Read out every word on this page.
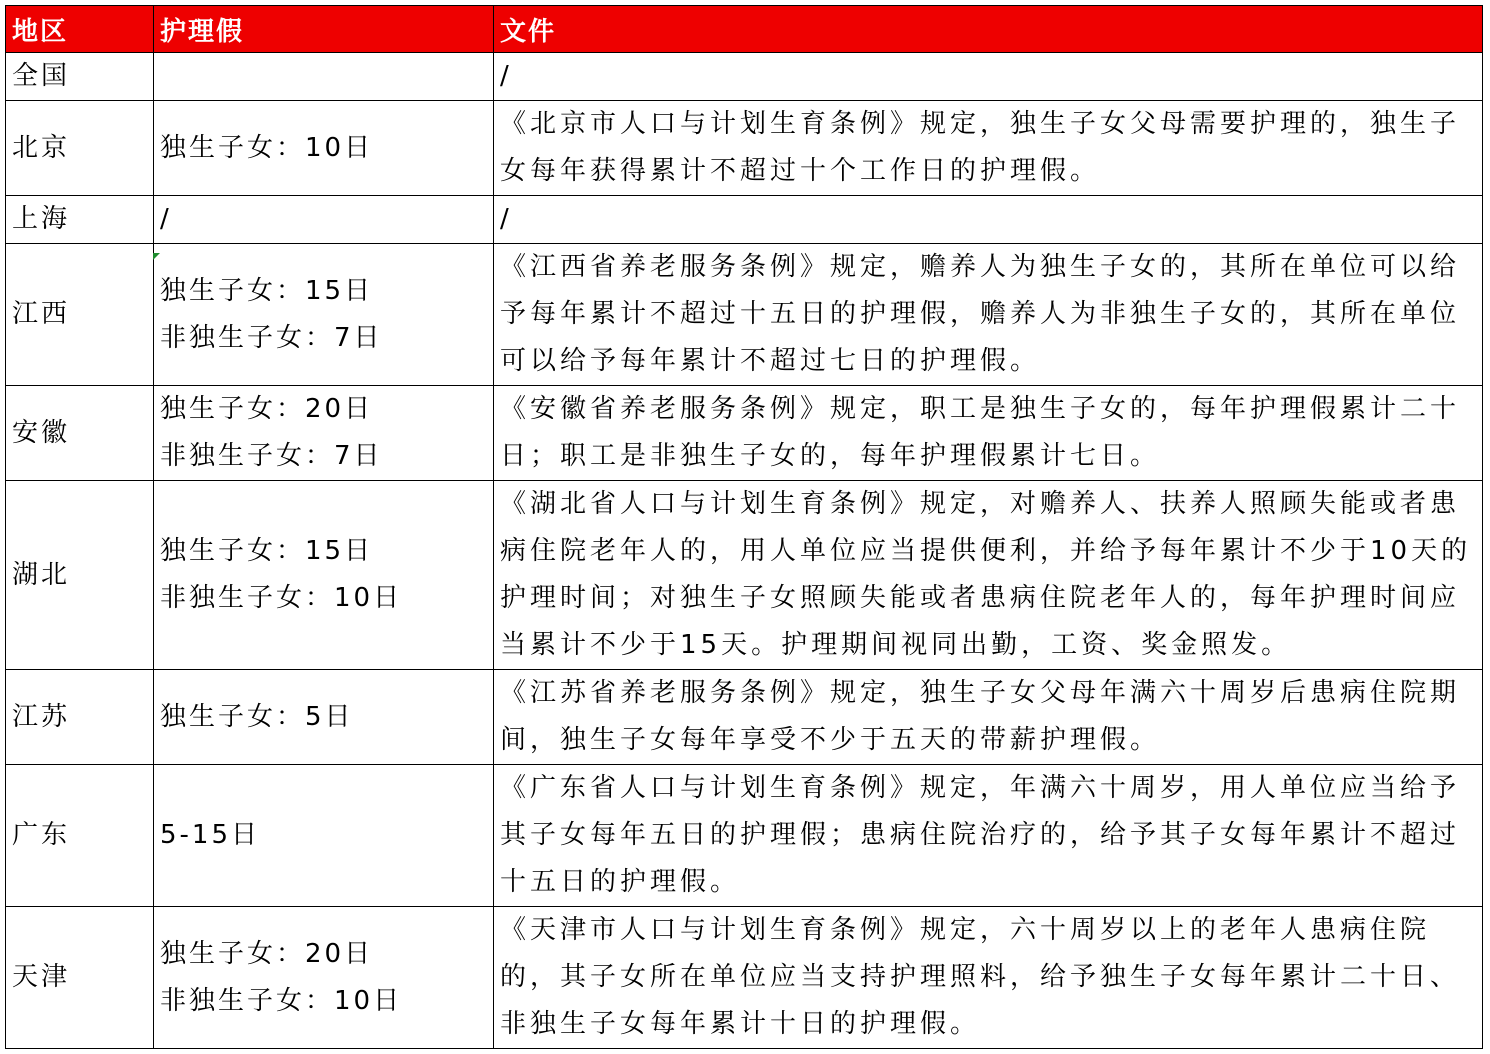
地区	护理假	文件
全国		/

北京	独生子女：10日	《北京市人口与计划生育条例》规定，独生子女父母需要护理的，独生子
女每年获得累计不超过十个工作日的护理假。

上海	/	/

江西	独生子女：15日
非独生子女：7日	《江西省养老服务条例》规定，赡养人为独生子女的，其所在单位可以给
予每年累计不超过十五日的护理假，赡养人为非独生子女的，其所在单位
可以给予每年累计不超过七日的护理假。

安徽	独生子女：20日
非独生子女：7日	《安徽省养老服务条例》规定，职工是独生子女的，每年护理假累计二十
日；职工是非独生子女的，每年护理假累计七日。

湖北	独生子女：15日
非独生子女：10日	《湖北省人口与计划生育条例》规定，对赡养人、扶养人照顾失能或者患
病住院老年人的，用人单位应当提供便利，并给予每年累计不少于10天的
护理时间；对独生子女照顾失能或者患病住院老年人的，每年护理时间应
当累计不少于15天。护理期间视同出勤，工资、奖金照发。

江苏	独生子女：5日	《江苏省养老服务条例》规定，独生子女父母年满六十周岁后患病住院期
间，独生子女每年享受不少于五天的带薪护理假。

广东	5-15日	《广东省人口与计划生育条例》规定，年满六十周岁，用人单位应当给予
其子女每年五日的护理假；患病住院治疗的，给予其子女每年累计不超过
十五日的护理假。

天津	独生子女：20日
非独生子女：10日	《天津市人口与计划生育条例》规定，六十周岁以上的老年人患病住院
的，其子女所在单位应当支持护理照料，给予独生子女每年累计二十日、
非独生子女每年累计十日的护理假。
